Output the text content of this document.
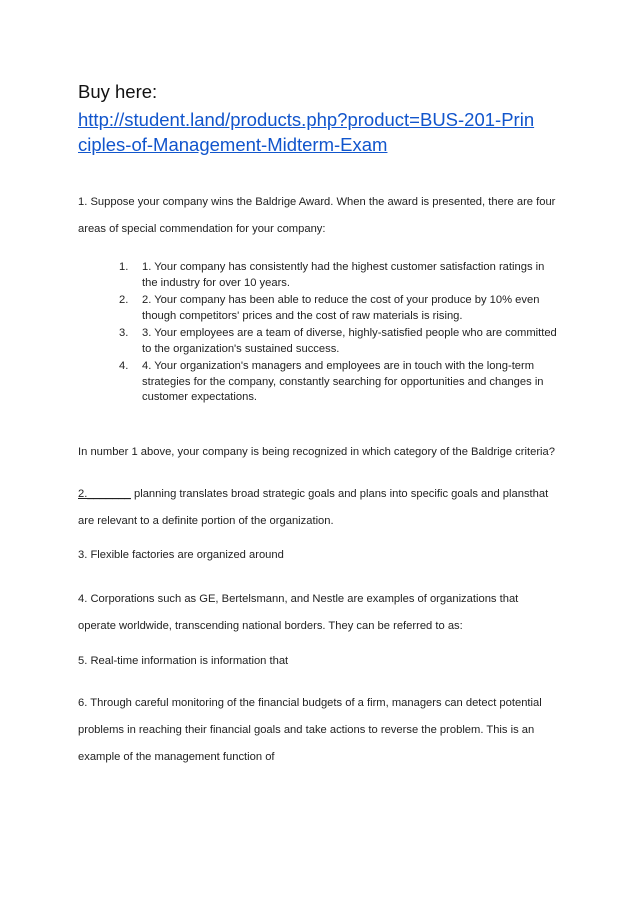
Buy here:
http://student.land/products.php?product=BUS-201-Prin
ciples-of-Management-Midterm-Exam
1. Suppose your company wins the Baldrige Award. When the award is presented, there are four
areas of special commendation for your company:
1. 1. Your company has consistently had the highest customer satisfaction ratings in the industry for over 10 years.
2. 2. Your company has been able to reduce the cost of your produce by 10% even though competitors' prices and the cost of raw materials is rising.
3. 3. Your employees are a team of diverse, highly-satisfied people who are committed to the organization's sustained success.
4. 4. Your organization's managers and employees are in touch with the long-term strategies for the company, constantly searching for opportunities and changes in customer expectations.
In number 1 above, your company is being recognized in which category of the Baldrige criteria?
2._______ planning translates broad strategic goals and plans into specific goals and plansthat
are relevant to a definite portion of the organization.
3. Flexible factories are organized around
4. Corporations such as GE, Bertelsmann, and Nestle are examples of organizations that
operate worldwide, transcending national borders. They can be referred to as:
5. Real-time information is information that
6. Through careful monitoring of the financial budgets of a firm, managers can detect potential
problems in reaching their financial goals and take actions to reverse the problem. This is an
example of the management function of
